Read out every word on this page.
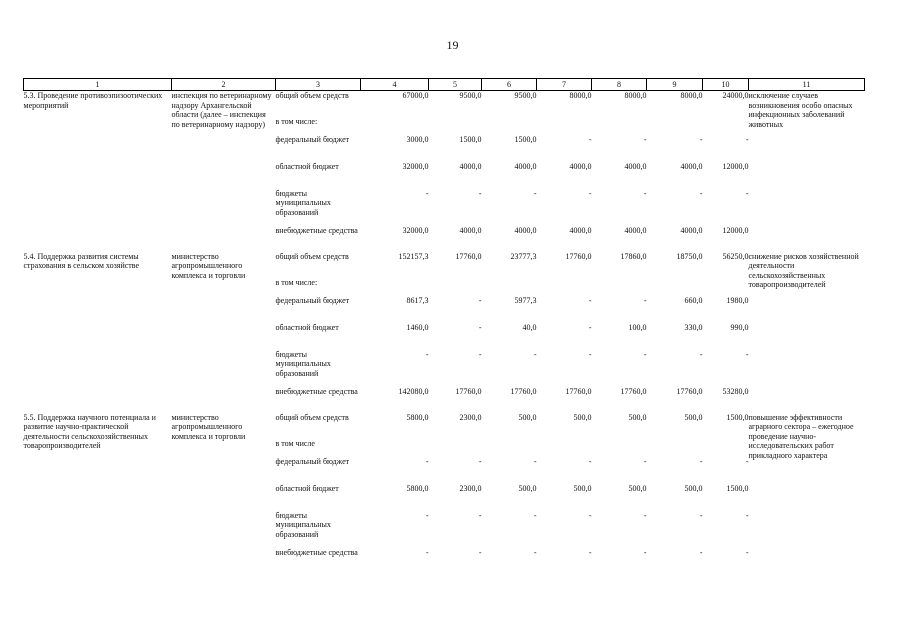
19
1	2	3	4	5	6	7	8	9	10	11
5.3. Проведение противоэпизоотических мероприятий	инспекция по ветеринарному надзору Архангельской области (далее – инспекция по ветеринарному надзору)	общий объем средств	67000,0	9500,0	9500,0	8000,0	8000,0	8000,0	24000,0	исключение случаев возникновения особо опасных инфекционных заболеваний животных
		в том числе:								
		федеральный бюджет	3000,0	1500,0	1500,0	-	-	-	-	
		областной бюджет	32000,0	4000,0	4000,0	4000,0	4000,0	4000,0	12000,0	
		бюджеты муниципальных образований	-	-	-	-	-	-	-	
		внебюджетные средства	32000,0	4000,0	4000,0	4000,0	4000,0	4000,0	12000,0	
5.4. Поддержка развития системы страхования в сельском хозяйстве	министерство агропромышленного комплекса и торговли	общий объем средств	152157,3	17760,0	23777,3	17760,0	17860,0	18750,0	56250,0	снижение рисков хозяйственной деятельности сельскохозяйственных товаропроизводителей
		в том числе:								
		федеральный бюджет	8617,3	-	5977,3	-	-	660,0	1980,0	
		областной бюджет	1460,0	-	40,0	-	100,0	330,0	990,0	
		бюджеты муниципальных образований	-	-	-	-	-	-	-	
		внебюджетные средства	142080,0	17760,0	17760,0	17760,0	17760,0	17760,0	53280,0	
5.5. Поддержка научного потенциала и развитие научно-практической деятельности сельскохозяйственных товаропроизводителей	министерство агропромышленного комплекса и торговли	общий объем средств	5800,0	2300,0	500,0	500,0	500,0	500,0	1500,0	повышение эффективности аграрного сектора – ежегодное проведение научно-исследовательских работ прикладного характера
		в том числе								
		федеральный бюджет	-	-	-	-	-	-	-	
		областной бюджет	5800,0	2300,0	500,0	500,0	500,0	500,0	1500,0	
		бюджеты муниципальных образований	-	-	-	-	-	-	-	
		внебюджетные средства	-	-	-	-	-	-	-	
